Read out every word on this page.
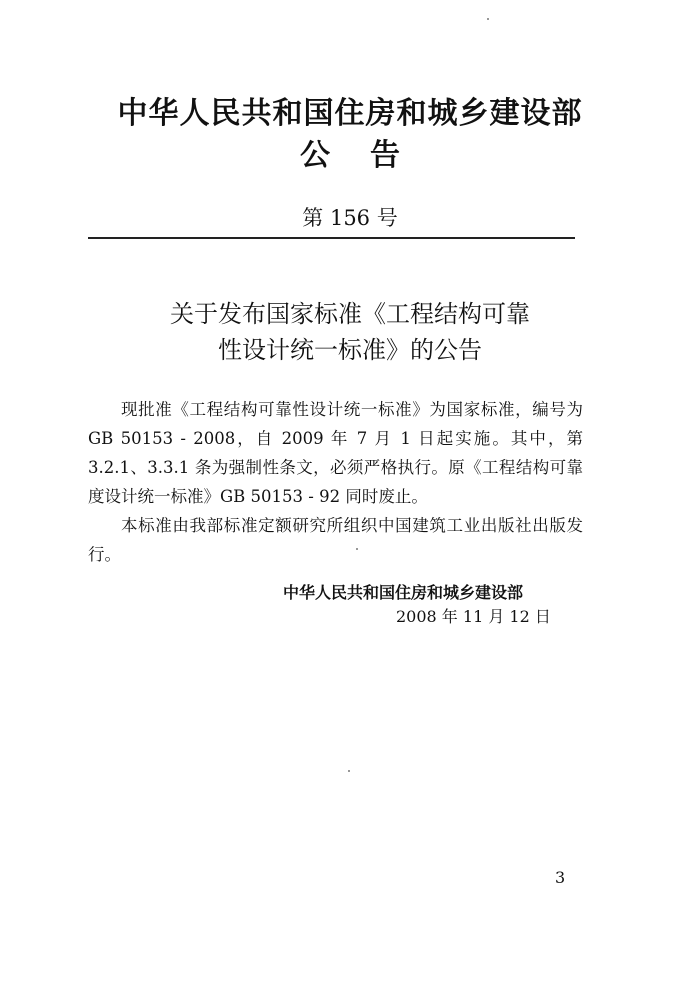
中华人民共和国住房和城乡建设部
公告
第 156 号
关于发布国家标准《工程结构可靠
性设计统一标准》的公告

现批准《工程结构可靠性设计统一标准》为国家标准，编号为 GB 50153 - 2008，自 2009 年 7 月 1 日起实施。其中，第 3.2.1、3.3.1 条为强制性条文，必须严格执行。原《工程结构可靠度设计统一标准》GB 50153 - 92 同时废止。

本标准由我部标准定额研究所组织中国建筑工业出版社出版发行。

中华人民共和国住房和城乡建设部
2008 年 11 月 12 日
3
